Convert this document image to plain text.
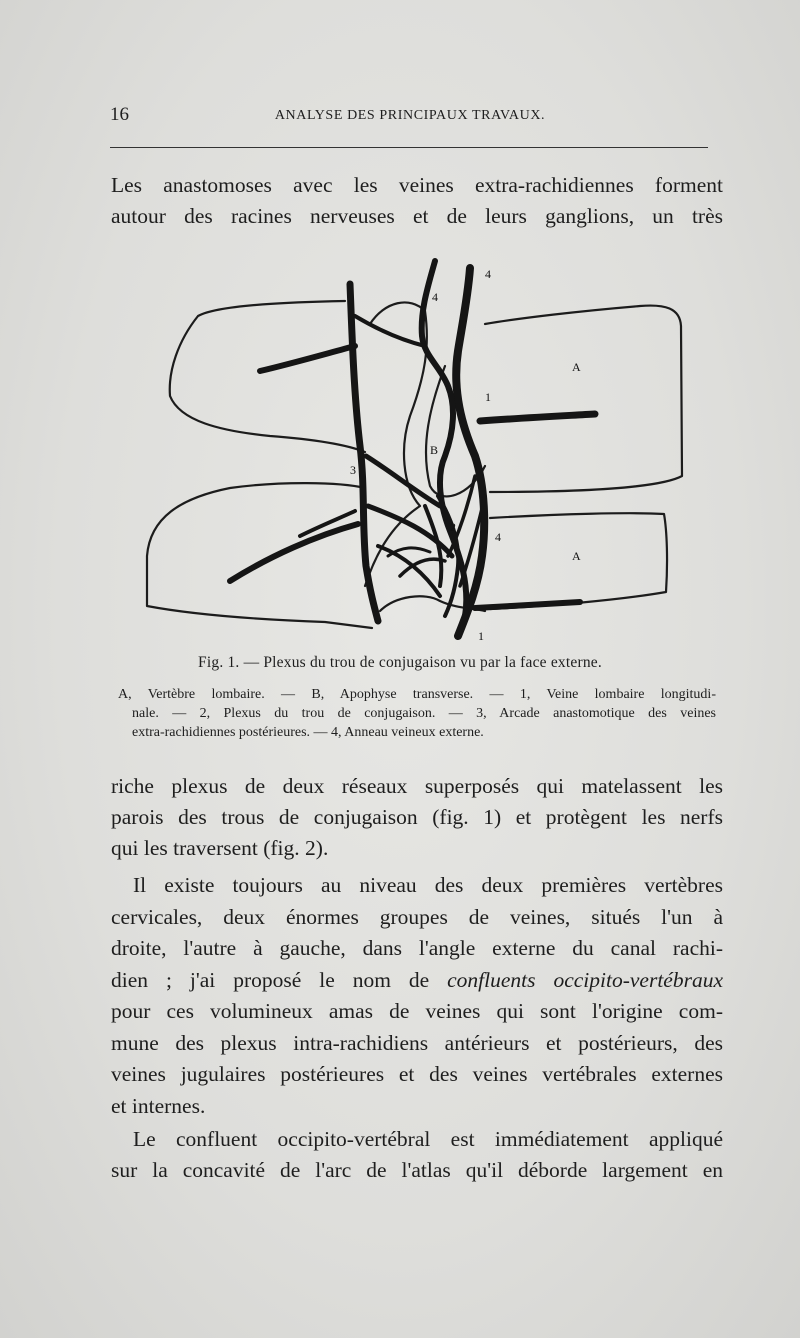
16	ANALYSE DES PRINCIPAUX TRAVAUX.

Les anastomoses avec les veines extra-rachidiennes forment
autour des racines nerveuses et de leurs ganglions, un très

4
4
A
1
B
3
2
4
A
1
Fig. 1. — Plexus du trou de conjugaison vu par la face externe.
A, Vertèbre lombaire. — B, Apophyse transverse. — 1, Veine lombaire longitudi-
nale. — 2, Plexus du trou de conjugaison. — 3, Arcade anastomotique des veines
extra-rachidiennes postérieures. — 4, Anneau veineux externe.

riche plexus de deux réseaux superposés qui matelassent les
parois des trous de conjugaison (fig. 1) et protègent les nerfs
qui les traversent (fig. 2).

Il existe toujours au niveau des deux premières vertèbres
cervicales, deux énormes groupes de veines, situés l'un à
droite, l'autre à gauche, dans l'angle externe du canal rachi-
dien ; j'ai proposé le nom de confluents occipito-vertébraux
pour ces volumineux amas de veines qui sont l'origine com-
mune des plexus intra-rachidiens antérieurs et postérieurs, des
veines jugulaires postérieures et des veines vertébrales externes
et internes.

Le confluent occipito-vertébral est immédiatement appliqué
sur la concavité de l'arc de l'atlas qu'il déborde largement en
